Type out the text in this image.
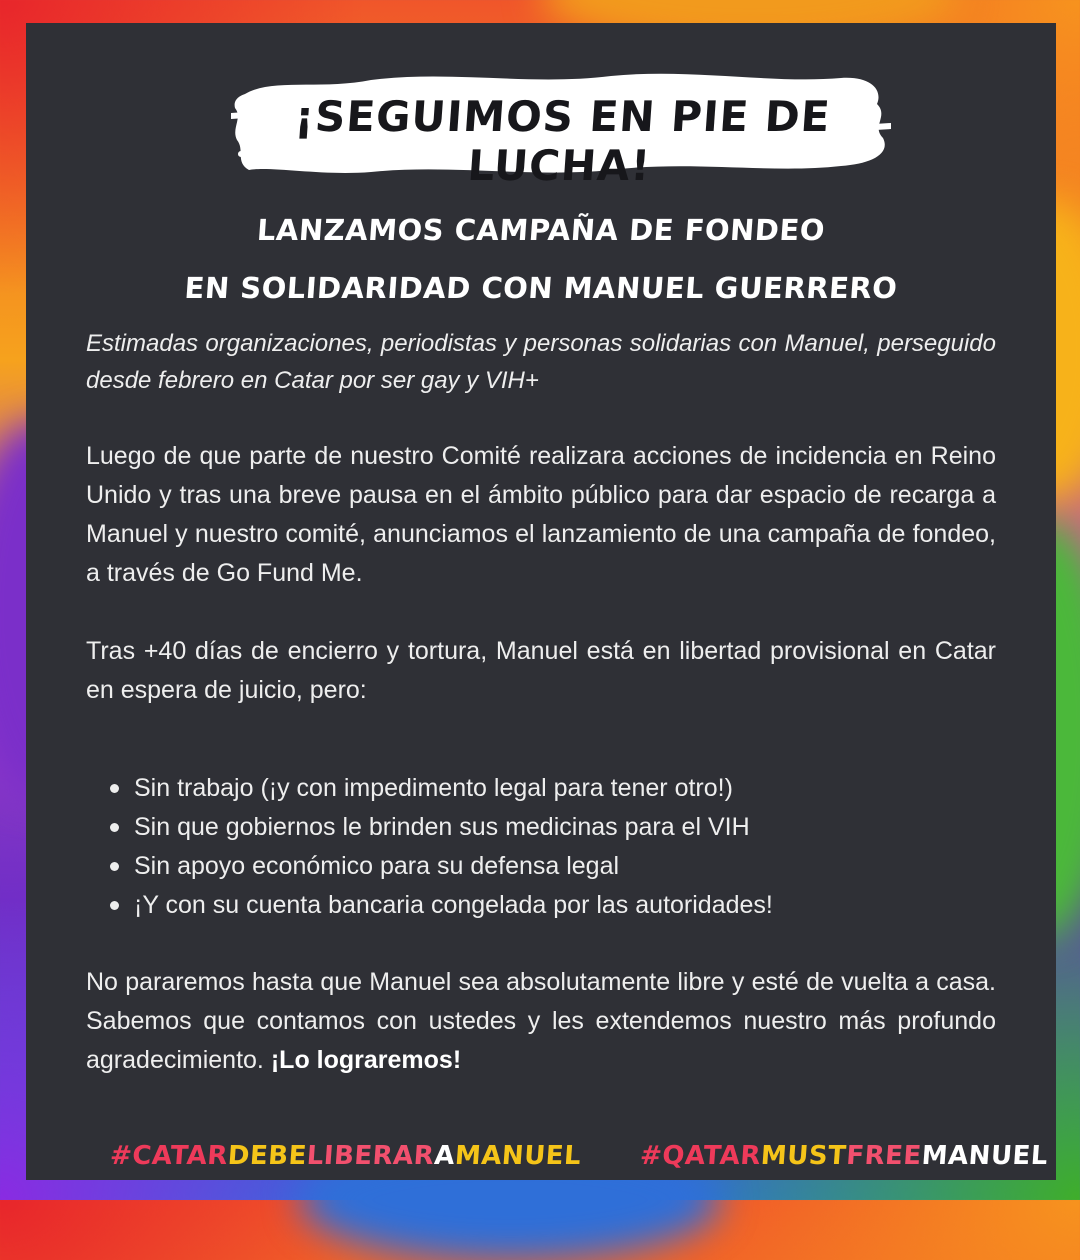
¡SEGUIMOS EN PIE DE LUCHA!
LANZAMOS CAMPAÑA DE FONDEO
EN SOLIDARIDAD CON MANUEL GUERRERO

Estimadas organizaciones, periodistas y personas solidarias con Manuel, perseguido desde febrero en Catar por ser gay y VIH+

Luego de que parte de nuestro Comité realizara acciones de incidencia en Reino Unido y tras una breve pausa en el ámbito público para dar espacio de recarga a Manuel y nuestro comité, anunciamos el lanzamiento de una campaña de fondeo, a través de Go Fund Me.

Tras +40 días de encierro y tortura, Manuel está en libertad provisional en Catar en espera de juicio, pero:

Sin trabajo (¡y con impedimento legal para tener otro!)
Sin que gobiernos le brinden sus medicinas para el VIH
Sin apoyo económico para su defensa legal
¡Y con su cuenta bancaria congelada por las autoridades!

No pararemos hasta que Manuel sea absolutamente libre y esté de vuelta a casa. Sabemos que contamos con ustedes y les extendemos nuestro más profundo agradecimiento. ¡Lo lograremos!

#CATARDEBELIBERARAMANUEL #QATARMUSTFREEMANUEL
